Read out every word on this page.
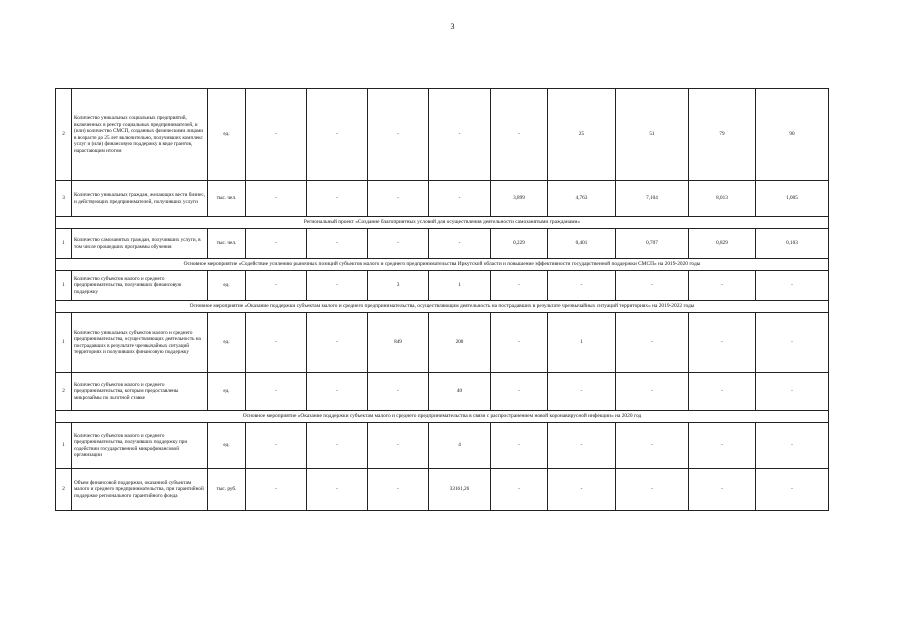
3
2	Количество уникальных социальных предприятий, включенных в реестр социальных предпринимателей, и (или) количество СМСП, созданных физическими лицами в возрасте до 25 лет включительно, получивших комплекс услуг и (или) финансовую поддержку в виде грантов, нарастающим итогом	ед.	-	-	-	-	-	25	51	79	90
3	Количество уникальных граждан, желающих вести бизнес, и действующих предпринимателей, получивших услуги	тыс. чел.	-	-	-	-	3,899	4,763	7,104	8,013	1,005
Региональный проект «Создание благоприятных условий для осуществления деятельности самозанятыми гражданами»											
1	Количество самозанятых граждан, получивших услуги, в том числе прошедших программы обучения	тыс. чел.	-	-	-	-	0,229	0,401	0,707	0,829	0,103
Основное мероприятие «Содействие усилению рыночных позиций субъектов малого и среднего предпринимательства Иркутской области и повышение эффективности государственной поддержки СМСП» на 2019-2020 годы											
1	Количество субъектов малого и среднего предпринимательства, получивших финансовую поддержку	ед.	-	-	3	1	-	-	-	-	-
Основное мероприятие «Оказание поддержки субъектам малого и среднего предпринимательства, осуществляющим деятельность на пострадавших в результате чрезвычайных ситуаций территориях» на 2019-2022 годы											
1	Количество уникальных субъектов малого и среднего предпринимательства, осуществляющих деятельность на пострадавших в результате чрезвычайных ситуаций территориях и получивших финансовую поддержку	ед.	-	-	849	200	-	1	-	-	-
2	Количество субъектов малого и среднего предпринимательства, которым предоставлены микрозаймы по льготной ставке	ед.	-	-	-	40	-	-	-	-	-
Основное мероприятие «Оказание поддержки субъектам малого и среднего предпринимательства в связи с распространением новой коронавирусной инфекции» на 2020 год											
1	Количество субъектов малого и среднего предпринимательства, получивших поддержку при содействии государственной микрофинансовой организации	ед.	-	-	-	4	-	-	-	-	-
2	Объем финансовой поддержки, оказанной субъектам малого и среднего предпринимательства, при гарантийной поддержке регионального гарантийного фонда	тыс. руб.	-	-	-	33161,26	-	-	-	-	-
